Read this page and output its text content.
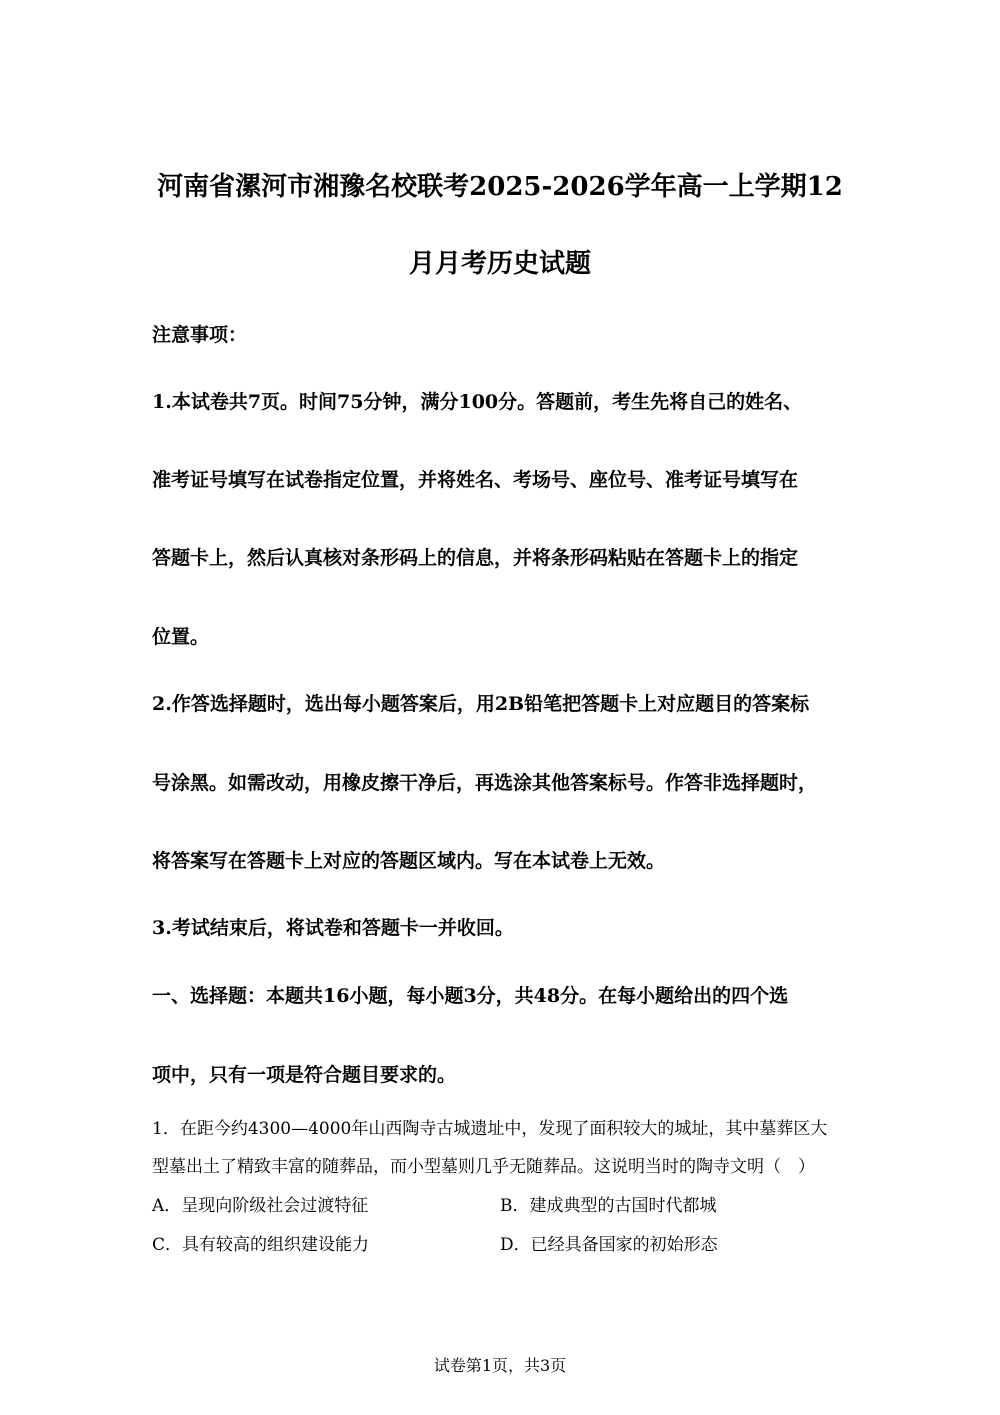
河南省漯河市湘豫名校联考2025-2026学年高一上学期12
月月考历史试题
注意事项：
1.本试卷共7页。时间75分钟，满分100分。答题前，考生先将自己的姓名、
准考证号填写在试卷指定位置，并将姓名、考场号、座位号、准考证号填写在
答题卡上，然后认真核对条形码上的信息，并将条形码粘贴在答题卡上的指定
位置。
2.作答选择题时，选出每小题答案后，用2B铅笔把答题卡上对应题目的答案标
号涂黑。如需改动，用橡皮擦干净后，再选涂其他答案标号。作答非选择题时，
将答案写在答题卡上对应的答题区域内。写在本试卷上无效。
3.考试结束后，将试卷和答题卡一并收回。
一、选择题：本题共16小题，每小题3分，共48分。在每小题给出的四个选
项中，只有一项是符合题目要求的。
1．在距今约4300—4000年山西陶寺古城遗址中，发现了面积较大的城址，其中墓葬区大
型墓出土了精致丰富的随葬品，而小型墓则几乎无随葬品。这说明当时的陶寺文明（　）
A．呈现向阶级社会过渡特征	B．建成典型的古国时代都城
C．具有较高的组织建设能力	D．已经具备国家的初始形态
试卷第1页，共3页
